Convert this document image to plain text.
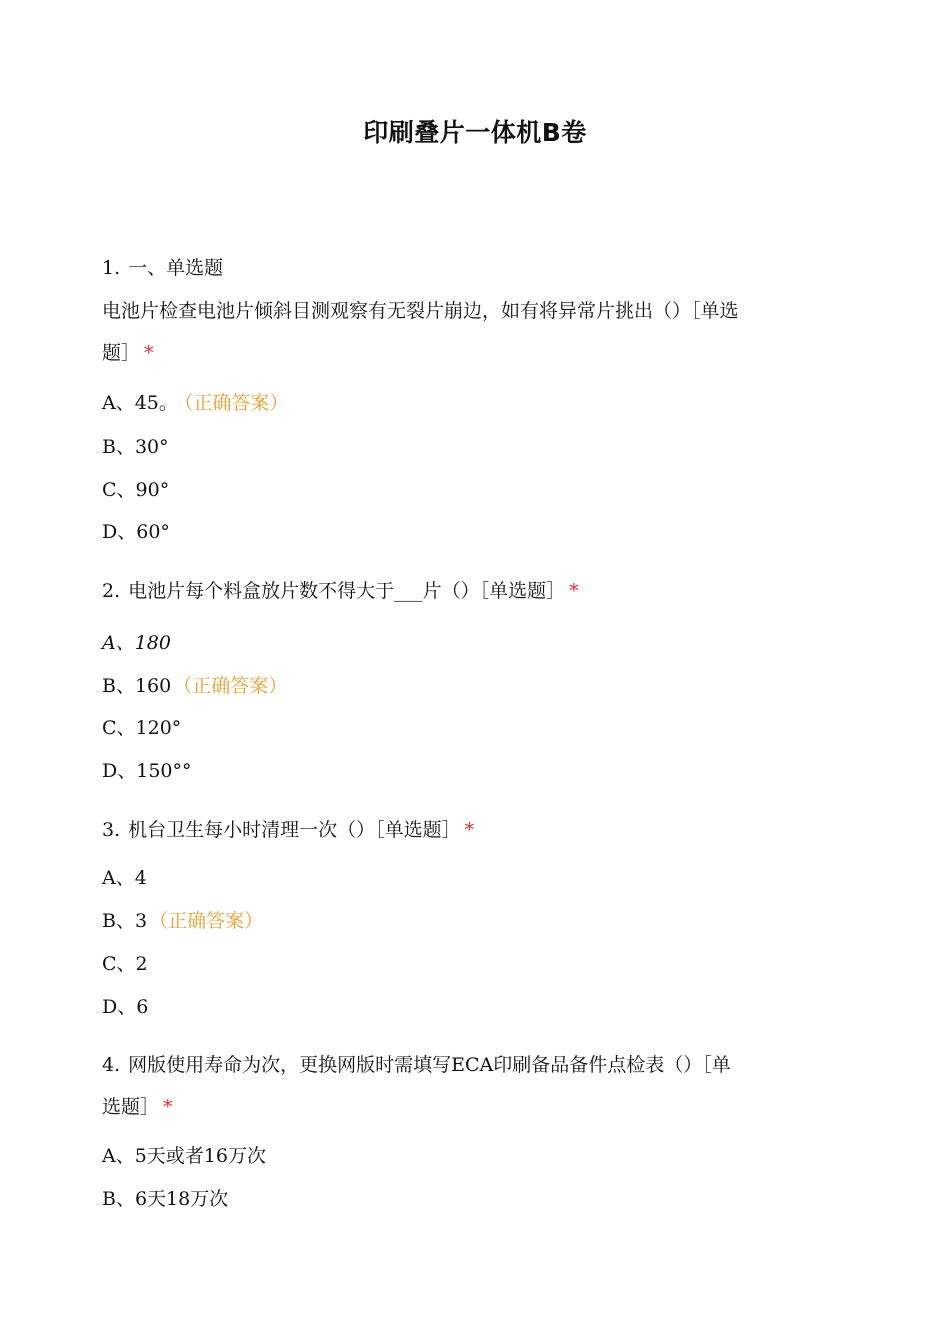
印刷叠片一体机B卷
1. 一、单选题
电池片检查电池片倾斜目测观察有无裂片崩边，如有将异常片挑出（）［单选
题］ *
A、45。 （正确答案）
B、30°
C、90°
D、60°
2. 电池片每个料盒放片数不得大于___片（）［单选题］ *
A、180
B、160 （正确答案）
C、120°
D、150°°
3. 机台卫生每小时清理一次（）［单选题］ *
A、4
B、3 （正确答案）
C、2
D、6
4. 网版使用寿命为次，更换网版时需填写ECA印刷备品备件点检表（）［单
选题］ *
A、5天或者16万次
B、6天18万次
